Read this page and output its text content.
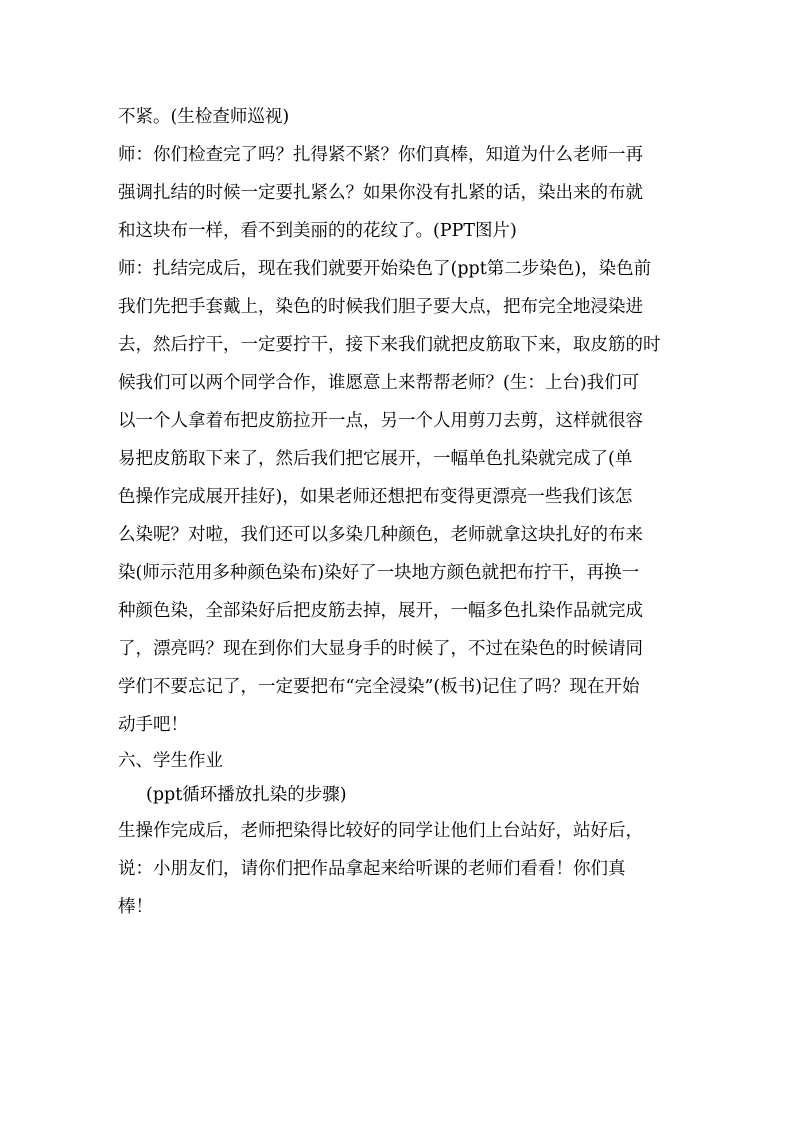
不紧。(生检查师巡视)
师：你们检查完了吗？扎得紧不紧？你们真棒，知道为什么老师一再
强调扎结的时候一定要扎紧么？如果你没有扎紧的话，染出来的布就
和这块布一样，看不到美丽的的花纹了。(PPT图片)
师：扎结完成后，现在我们就要开始染色了(ppt第二步染色)，染色前
我们先把手套戴上，染色的时候我们胆子要大点，把布完全地浸染进
去，然后拧干，一定要拧干，接下来我们就把皮筋取下来，取皮筋的时
候我们可以两个同学合作，谁愿意上来帮帮老师？(生：上台)我们可
以一个人拿着布把皮筋拉开一点，另一个人用剪刀去剪，这样就很容
易把皮筋取下来了，然后我们把它展开，一幅单色扎染就完成了(单
色操作完成展开挂好)，如果老师还想把布变得更漂亮一些我们该怎
么染呢？对啦，我们还可以多染几种颜色，老师就拿这块扎好的布来
染(师示范用多种颜色染布)染好了一块地方颜色就把布拧干，再换一
种颜色染，全部染好后把皮筋去掉，展开，一幅多色扎染作品就完成
了，漂亮吗？现在到你们大显身手的时候了，不过在染色的时候请同
学们不要忘记了，一定要把布“完全浸染”(板书)记住了吗？现在开始
动手吧！
六、学生作业
(ppt循环播放扎染的步骤)
生操作完成后，老师把染得比较好的同学让他们上台站好，站好后，
说：小朋友们，请你们把作品拿起来给听课的老师们看看！你们真
棒！
